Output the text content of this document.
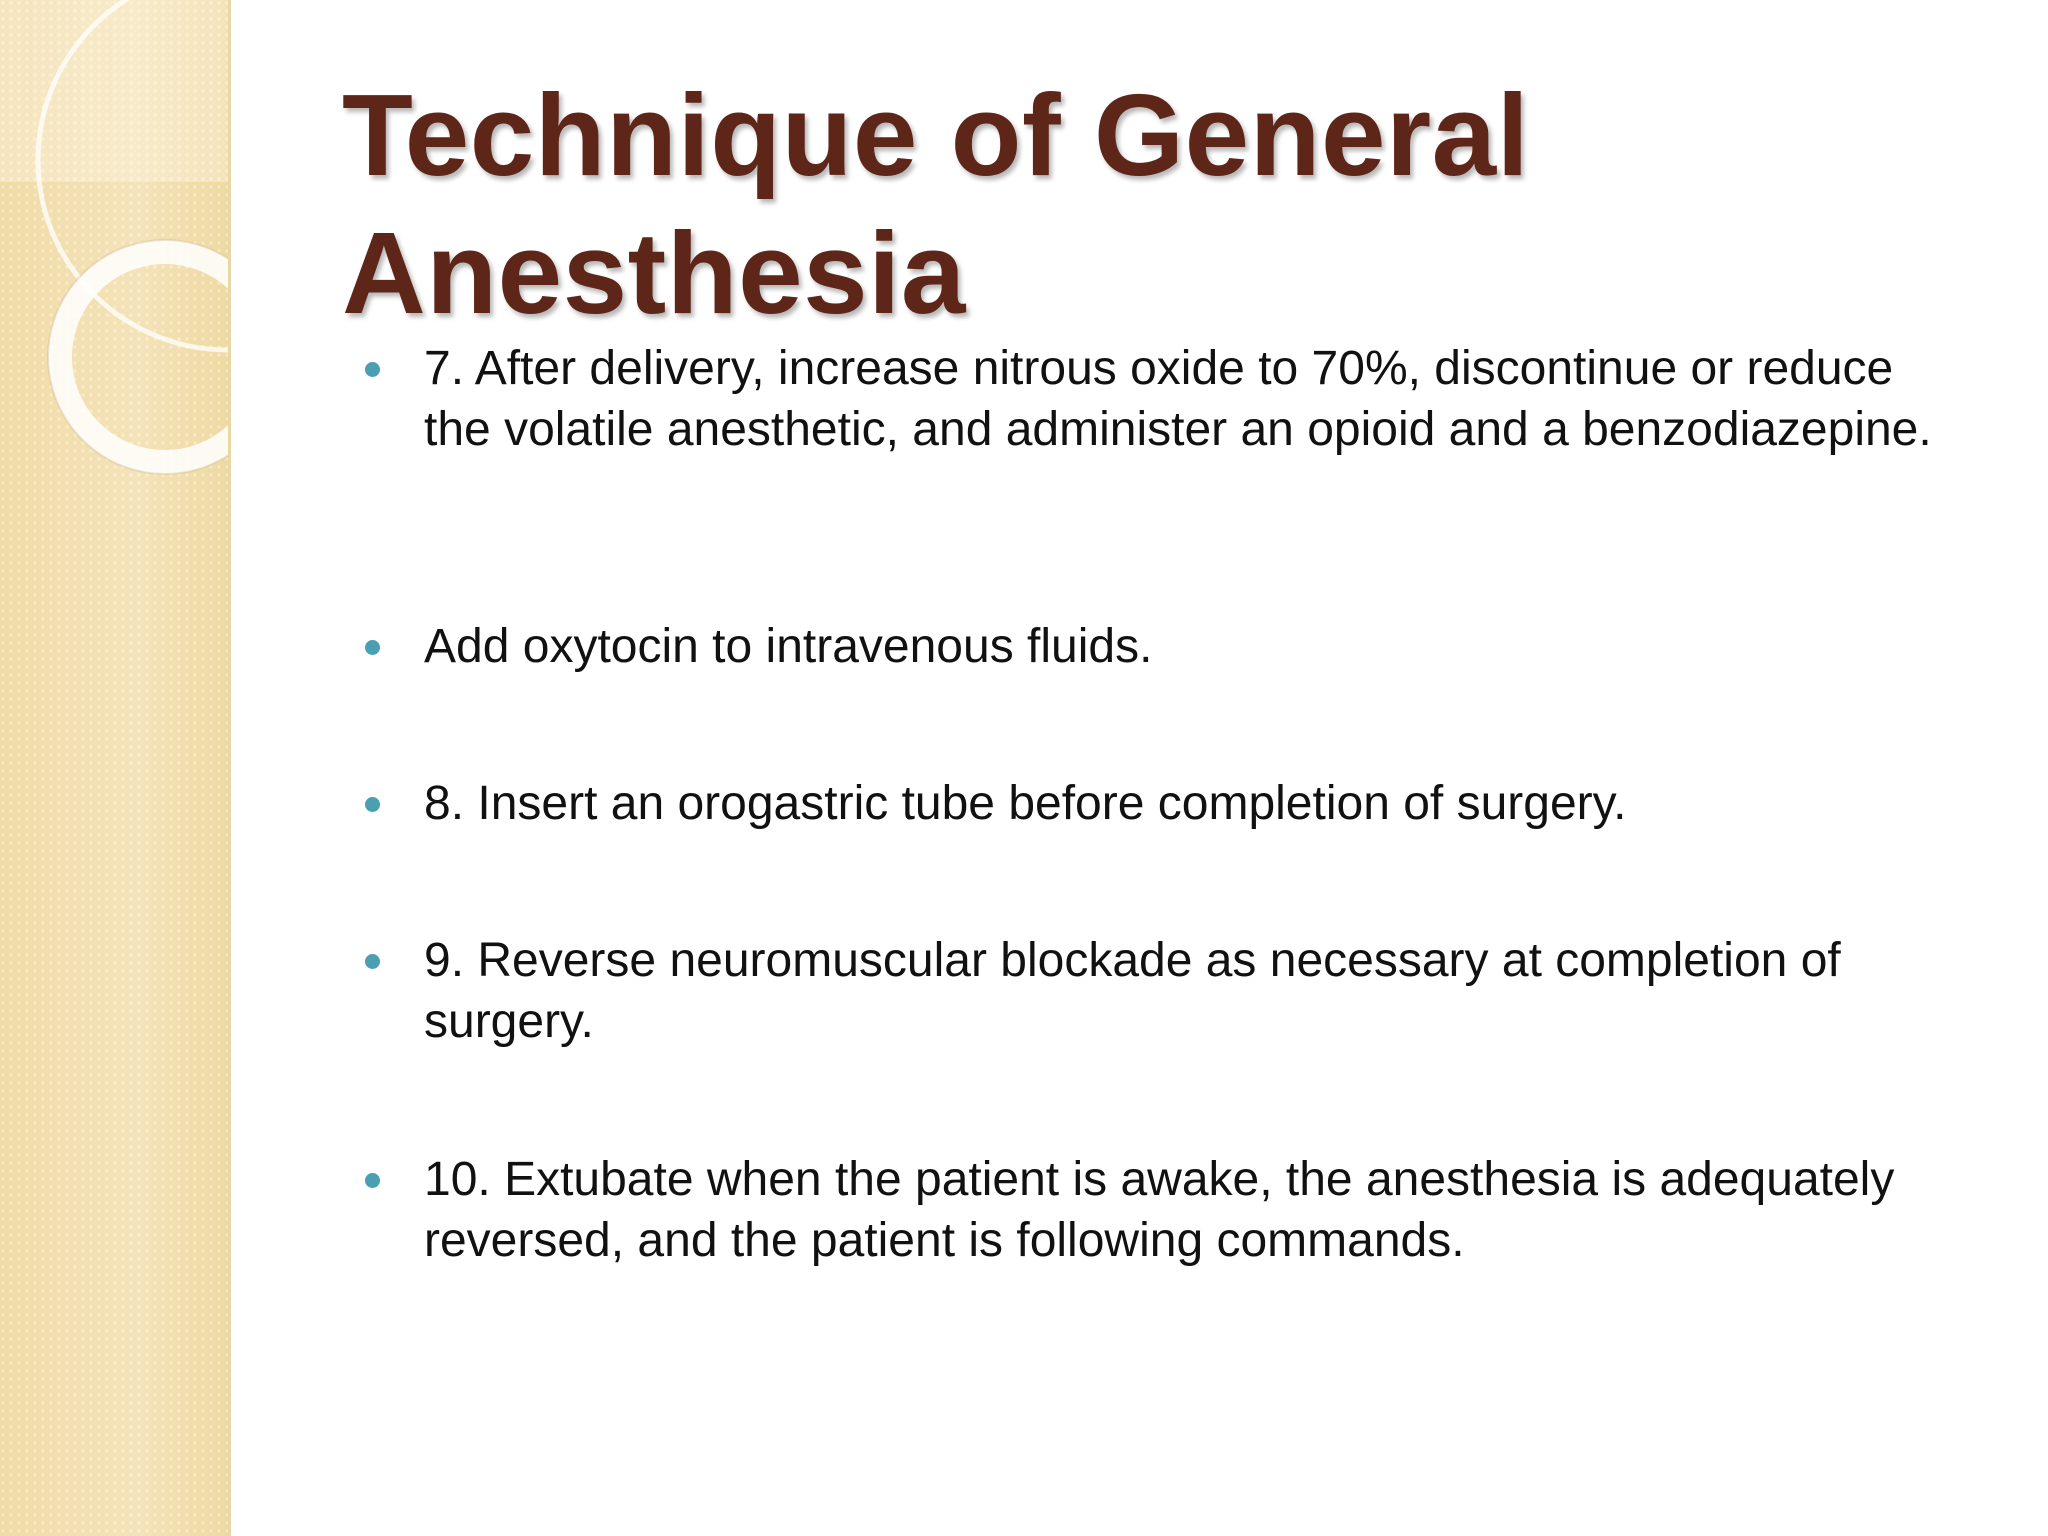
Technique of General Anesthesia
7. After delivery, increase nitrous oxide to 70%, discontinue or reduce the volatile anesthetic, and administer an opioid and a benzodiazepine.
Add oxytocin to intravenous fluids.
8. Insert an orogastric tube before completion of surgery.
9. Reverse neuromuscular blockade as necessary at completion of surgery.
10. Extubate when the patient is awake, the anesthesia is adequately reversed, and the patient is following commands.
